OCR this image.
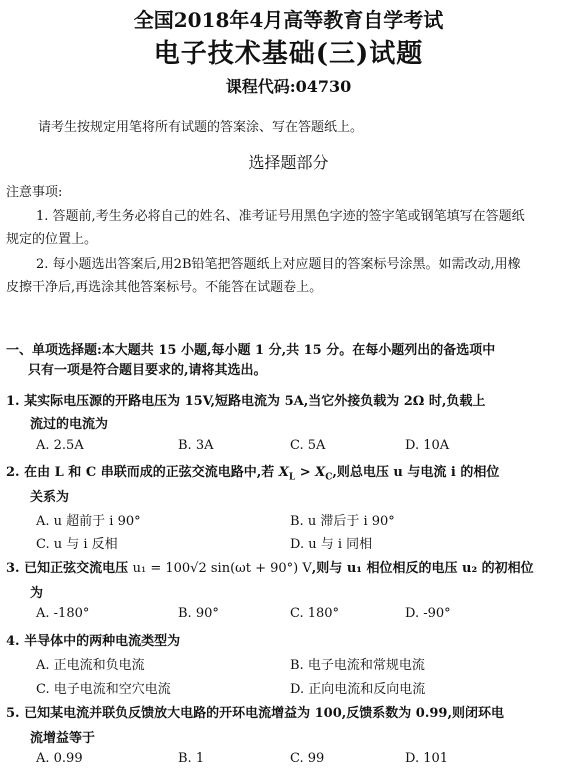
全国2018年4月高等教育自学考试
电子技术基础(三)试题
课程代码:04730
请考生按规定用笔将所有试题的答案涂、写在答题纸上。
选择题部分
注意事项:
1. 答题前,考生务必将自己的姓名、准考证号用黑色字迹的签字笔或钢笔填写在答题纸
规定的位置上。
2. 每小题选出答案后,用2B铅笔把答题纸上对应题目的答案标号涂黑。如需改动,用橡
皮擦干净后,再选涂其他答案标号。不能答在试题卷上。
一、单项选择题:本大题共 15 小题,每小题 1 分,共 15 分。在每小题列出的备选项中
只有一项是符合题目要求的,请将其选出。
1. 某实际电压源的开路电压为 15V,短路电流为 5A,当它外接负载为 2Ω 时,负载上
流过的电流为
A. 2.5A	B. 3A	C. 5A	D. 10A
2. 在由 L 和 C 串联而成的正弦交流电路中,若 $X_L > X_C$,则总电压 u 与电流 i 的相位
关系为
A. u 超前于 i 90°	B. u 滞后于 i 90°
C. u 与 i 反相	D. u 与 i 同相
3. 已知正弦交流电压 u₁ = 100√2 sin(ωt + 90°) V,则与 u₁ 相位相反的电压 u₂ 的初相位
为
A. -180°	B. 90°	C. 180°	D. -90°
4. 半导体中的两种电流类型为
A. 正电流和负电流	B. 电子电流和常规电流
C. 电子电流和空穴电流	D. 正向电流和反向电流
5. 已知某电流并联负反馈放大电路的开环电流增益为 100,反馈系数为 0.99,则闭环电
流增益等于
A. 0.99	B. 1	C. 99	D. 101
